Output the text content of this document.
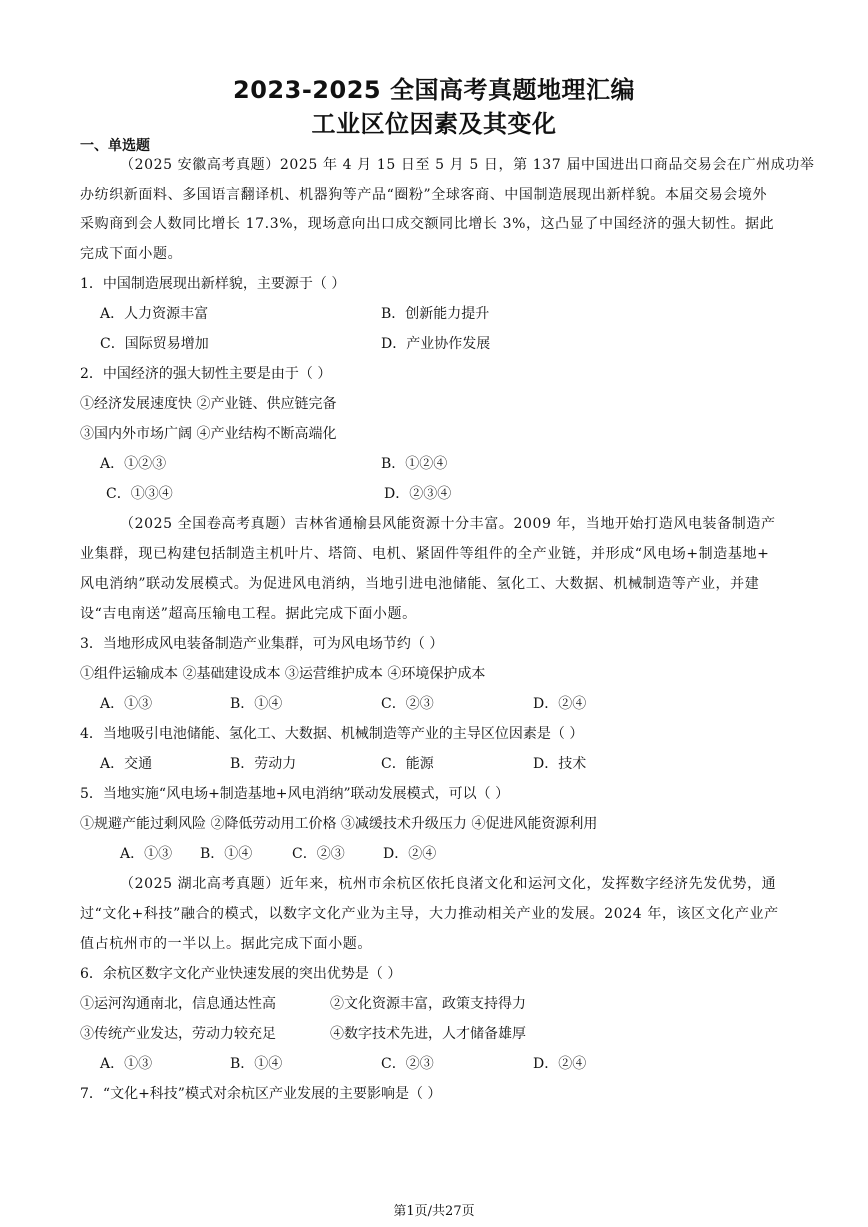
2023-2025 全国高考真题地理汇编
工业区位因素及其变化
一、单选题
（2025 安徽高考真题）2025 年 4 月 15 日至 5 月 5 日，第 137 届中国进出口商品交易会在广州成功举
办纺织新面料、多国语言翻译机、机器狗等产品“圈粉”全球客商、中国制造展现出新样貌。本届交易会境外
采购商到会人数同比增长 17.3%，现场意向出口成交额同比增长 3%，这凸显了中国经济的强大韧性。据此
完成下面小题。
1．中国制造展现出新样貌，主要源于（ ）
A．人力资源丰富	B．创新能力提升
C．国际贸易增加	D．产业协作发展
2．中国经济的强大韧性主要是由于（ ）
①经济发展速度快 ②产业链、供应链完备
③国内外市场广阔 ④产业结构不断高端化
A．①②③	B．①②④
C．①③④	D．②③④
（2025 全国卷高考真题）吉林省通榆县风能资源十分丰富。2009 年，当地开始打造风电装备制造产
业集群，现已构建包括制造主机叶片、塔筒、电机、紧固件等组件的全产业链，并形成“风电场+制造基地+
风电消纳”联动发展模式。为促进风电消纳，当地引进电池储能、氢化工、大数据、机械制造等产业，并建
设“吉电南送”超高压输电工程。据此完成下面小题。
3．当地形成风电装备制造产业集群，可为风电场节约（ ）
①组件运输成本 ②基础建设成本 ③运营维护成本 ④环境保护成本
A．①③	B．①④	C．②③	D．②④
4．当地吸引电池储能、氢化工、大数据、机械制造等产业的主导区位因素是（ ）
A．交通	B．劳动力	C．能源	D．技术
5．当地实施“风电场+制造基地+风电消纳”联动发展模式，可以（ ）
①规避产能过剩风险 ②降低劳动用工价格 ③减缓技术升级压力 ④促进风能资源利用
A．①③ B．①④	C．②③	D．②④
（2025 湖北高考真题）近年来，杭州市余杭区依托良渚文化和运河文化，发挥数字经济先发优势，通
过“文化+科技”融合的模式，以数字文化产业为主导，大力推动相关产业的发展。2024 年，该区文化产业产
值占杭州市的一半以上。据此完成下面小题。
6．余杭区数字文化产业快速发展的突出优势是（ ）
①运河沟通南北，信息通达性高	②文化资源丰富，政策支持得力
③传统产业发达，劳动力较充足	④数字技术先进，人才储备雄厚
A．①③	B．①④	C．②③	D．②④
7．“文化+科技”模式对余杭区产业发展的主要影响是（ ）
第1页/共27页
